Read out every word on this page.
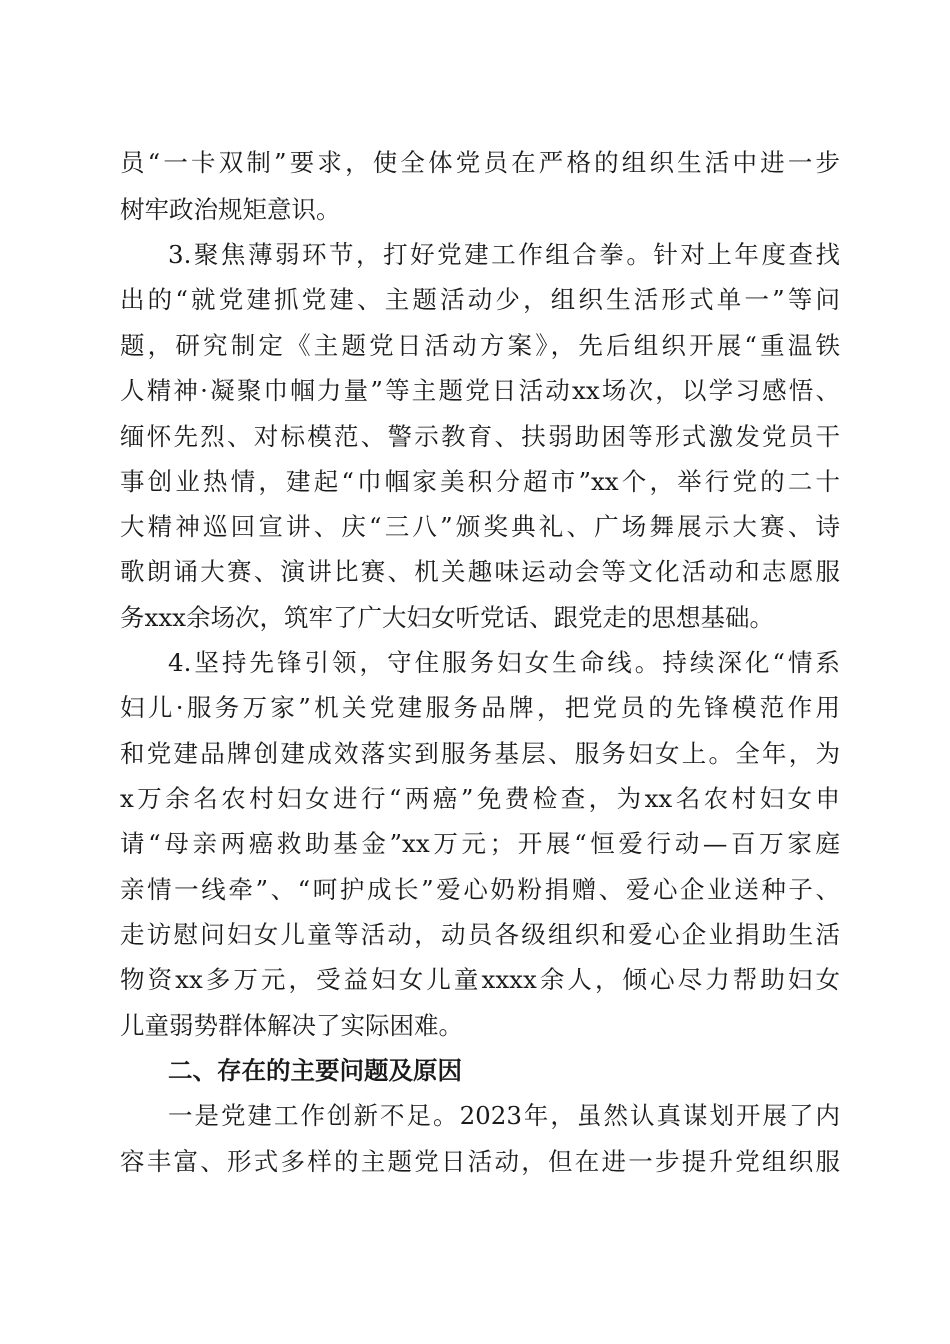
员“一卡双制”要求，使全体党员在严格的组织生活中进一步
树牢政治规矩意识。
3.聚焦薄弱环节，打好党建工作组合拳。针对上年度查找
出的“就党建抓党建、主题活动少，组织生活形式单一”等问
题，研究制定《主题党日活动方案》，先后组织开展“重温铁
人精神·凝聚巾帼力量”等主题党日活动xx场次，以学习感悟、
缅怀先烈、对标模范、警示教育、扶弱助困等形式激发党员干
事创业热情，建起“巾帼家美积分超市”xx个，举行党的二十
大精神巡回宣讲、庆“三八”颁奖典礼、广场舞展示大赛、诗
歌朗诵大赛、演讲比赛、机关趣味运动会等文化活动和志愿服
务xxx余场次，筑牢了广大妇女听党话、跟党走的思想基础。
4.坚持先锋引领，守住服务妇女生命线。持续深化“情系
妇儿·服务万家”机关党建服务品牌，把党员的先锋模范作用
和党建品牌创建成效落实到服务基层、服务妇女上。全年，为
x万余名农村妇女进行“两癌”免费检查，为xx名农村妇女申
请“母亲两癌救助基金”xx万元；开展“恒爱行动—百万家庭
亲情一线牵”、“呵护成长”爱心奶粉捐赠、爱心企业送种子、
走访慰问妇女儿童等活动，动员各级组织和爱心企业捐助生活
物资xx多万元，受益妇女儿童xxxx余人，倾心尽力帮助妇女
儿童弱势群体解决了实际困难。
二、存在的主要问题及原因
一是党建工作创新不足。2023年，虽然认真谋划开展了内
容丰富、形式多样的主题党日活动，但在进一步提升党组织服
